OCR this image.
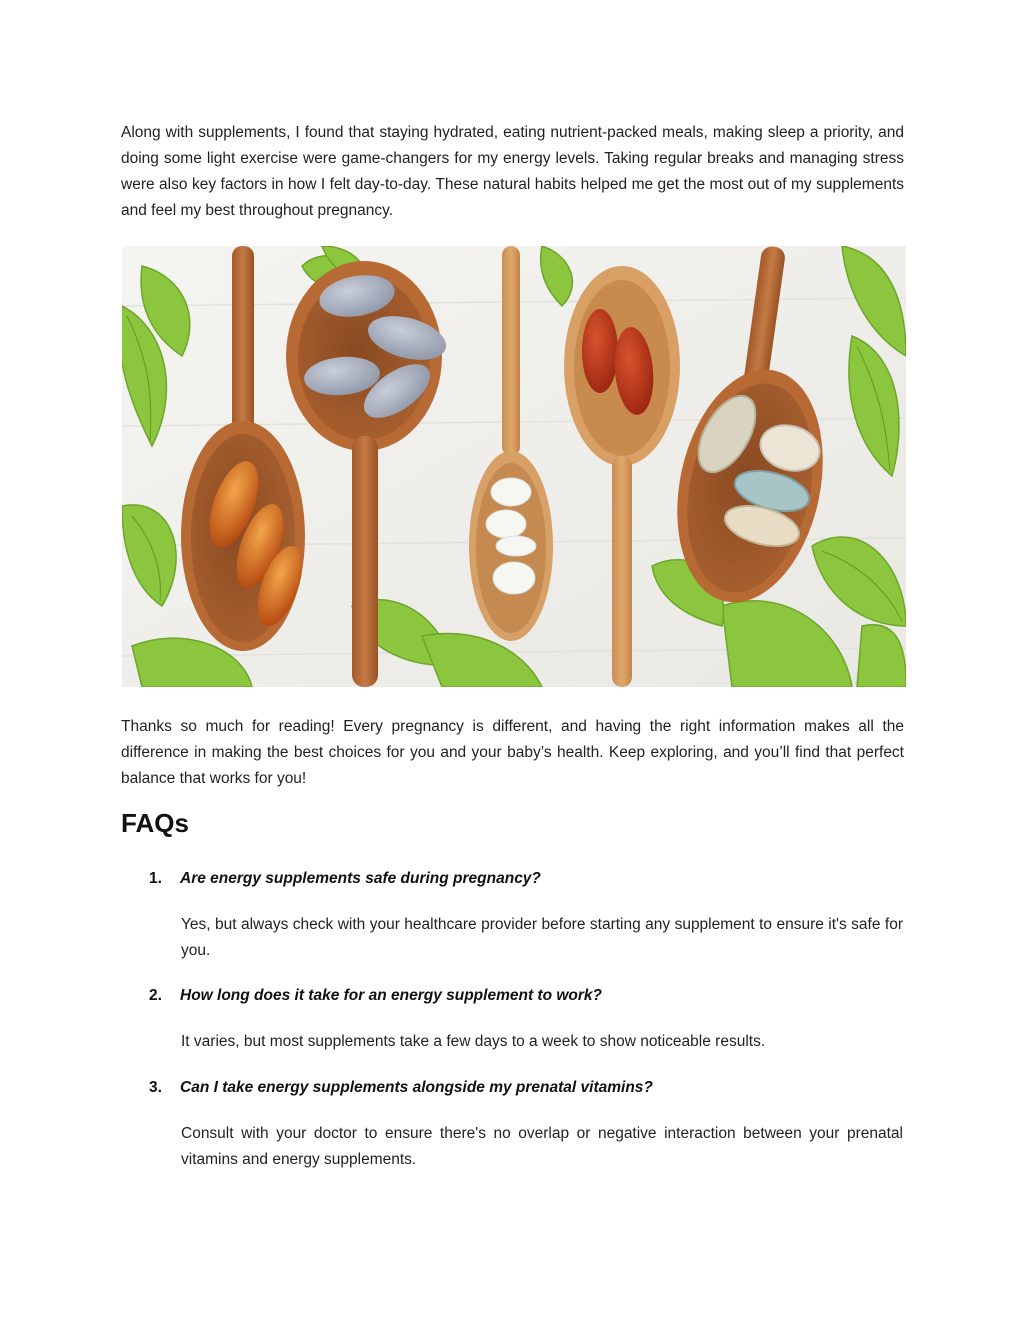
Along with supplements, I found that staying hydrated, eating nutrient-packed meals, making sleep a priority, and doing some light exercise were game-changers for my energy levels. Taking regular breaks and managing stress were also key factors in how I felt day-to-day. These natural habits helped me get the most out of my supplements and feel my best throughout pregnancy.

Thanks so much for reading! Every pregnancy is different, and having the right information makes all the difference in making the best choices for you and your baby’s health. Keep exploring, and you’ll find that perfect balance that works for you!

FAQs
1. Are energy supplements safe during pregnancy?

Yes, but always check with your healthcare provider before starting any supplement to ensure it's safe for you.

2. How long does it take for an energy supplement to work?

It varies, but most supplements take a few days to a week to show noticeable results.

3. Can I take energy supplements alongside my prenatal vitamins?

Consult with your doctor to ensure there's no overlap or negative interaction between your prenatal vitamins and energy supplements.
